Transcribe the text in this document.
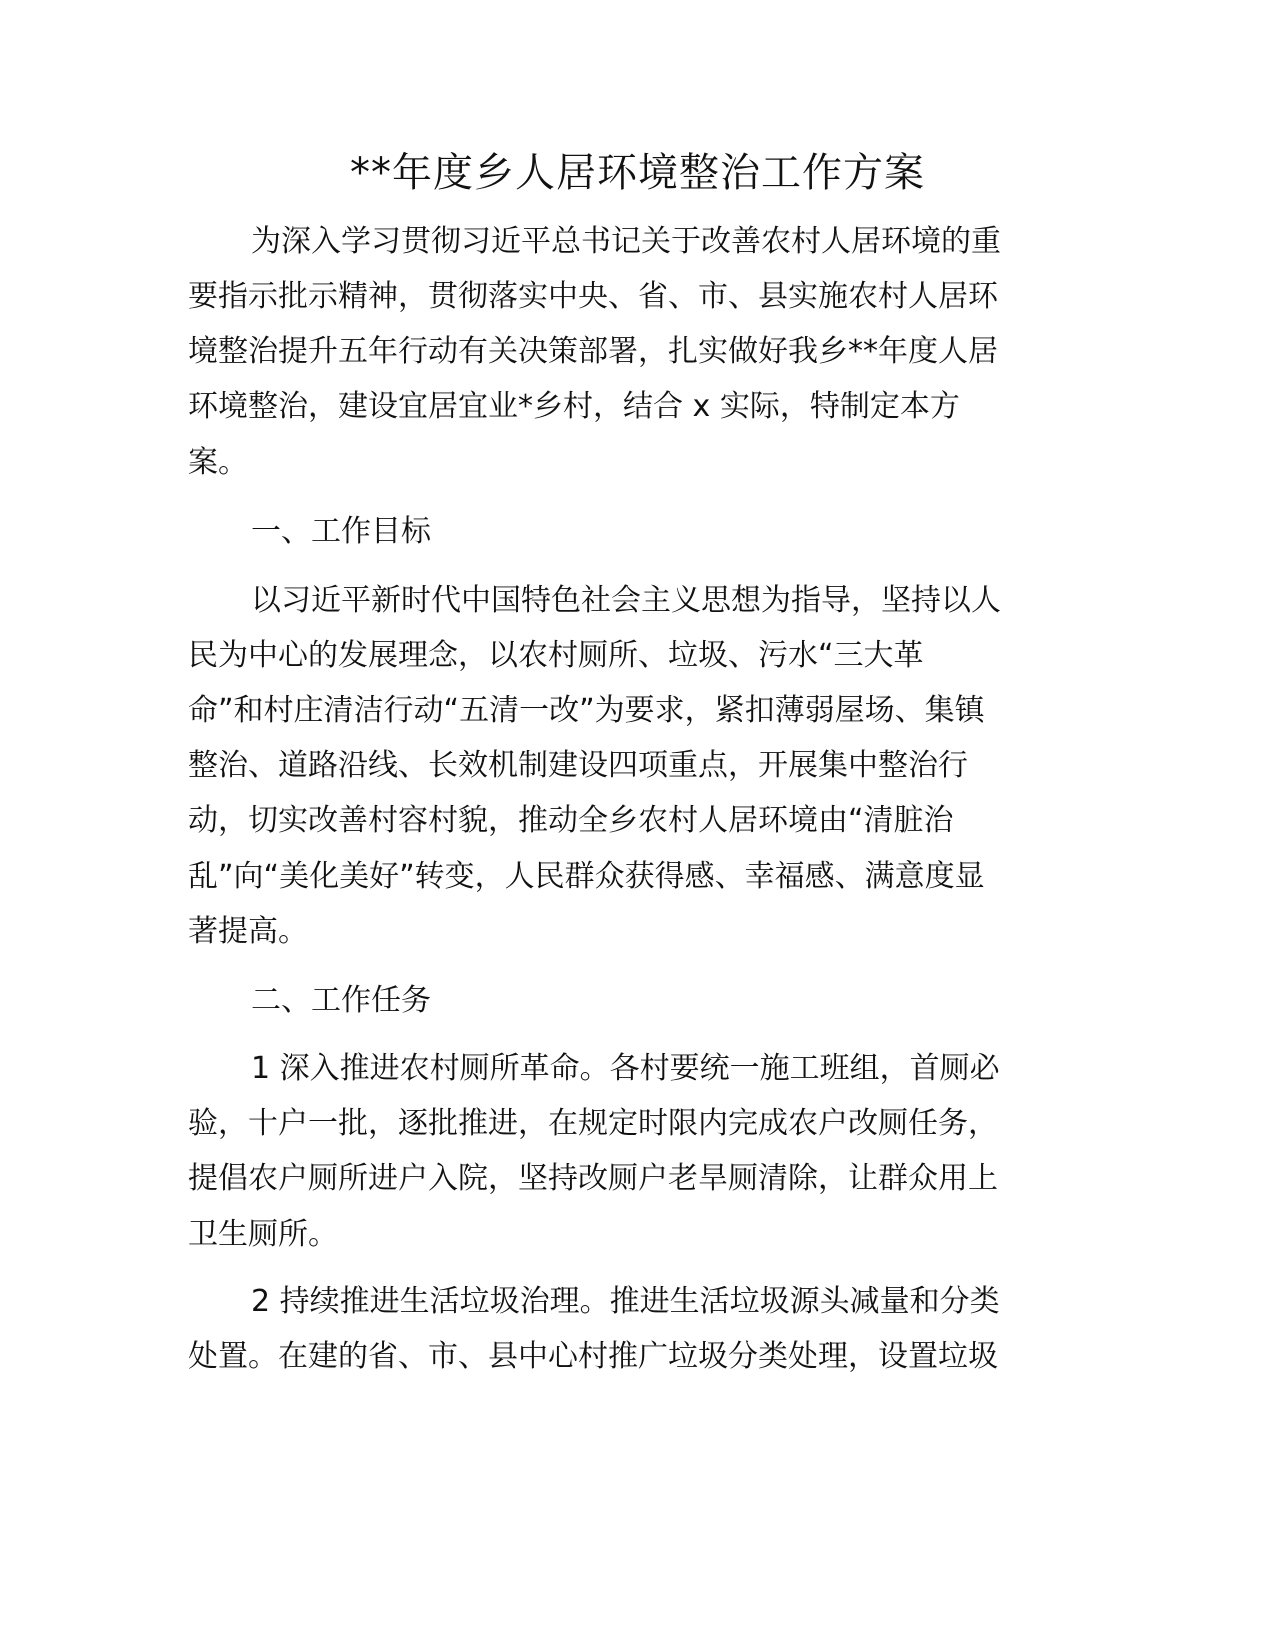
**年度乡人居环境整治工作方案
为深入学习贯彻习近平总书记关于改善农村人居环境的重
要指示批示精神，贯彻落实中央、省、市、县实施农村人居环
境整治提升五年行动有关决策部署，扎实做好我乡**年度人居
环境整治，建设宜居宜业*乡村，结合 x 实际，特制定本方
案。
一、工作目标
以习近平新时代中国特色社会主义思想为指导，坚持以人
民为中心的发展理念，以农村厕所、垃圾、污水“三大革
命”和村庄清洁行动“五清一改”为要求，紧扣薄弱屋场、集镇
整治、道路沿线、长效机制建设四项重点，开展集中整治行
动，切实改善村容村貌，推动全乡农村人居环境由“清脏治
乱”向“美化美好”转变，人民群众获得感、幸福感、满意度显
著提高。
二、工作任务
1 深入推进农村厕所革命。各村要统一施工班组，首厕必
验，十户一批，逐批推进，在规定时限内完成农户改厕任务，
提倡农户厕所进户入院，坚持改厕户老旱厕清除，让群众用上
卫生厕所。
2 持续推进生活垃圾治理。推进生活垃圾源头减量和分类
处置。在建的省、市、县中心村推广垃圾分类处理，设置垃圾
